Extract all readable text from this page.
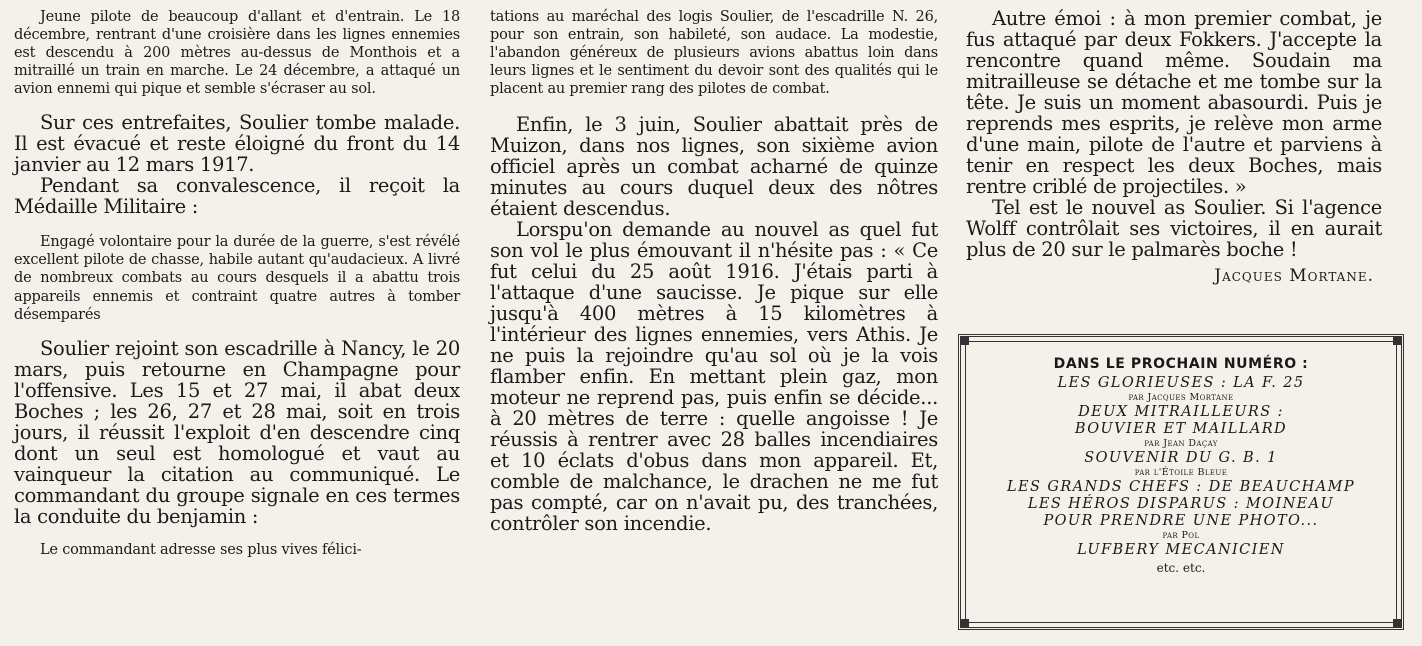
Jeune pilote de beaucoup d'allant et d'entrain. Le 18 décembre, rentrant d'une croisière dans les lignes ennemies est descendu à 200 mètres au-dessus de Monthois et a mitraillé un train en marche. Le 24 décembre, a attaqué un avion ennemi qui pique et semble s'écraser au sol.

Sur ces entrefaites, Soulier tombe malade. Il est évacué et reste éloigné du front du 14 janvier au 12 mars 1917.

Pendant sa convalescence, il reçoit la Médaille Militaire :

Engagé volontaire pour la durée de la guerre, s'est révélé excellent pilote de chasse, habile autant qu'audacieux. A livré de nombreux combats au cours desquels il a abattu trois appareils ennemis et contraint quatre autres à tomber désemparés

Soulier rejoint son escadrille à Nancy, le 20 mars, puis retourne en Champagne pour l'offensive. Les 15 et 27 mai, il abat deux Boches ; les 26, 27 et 28 mai, soit en trois jours, il réussit l'exploit d'en descendre cinq dont un seul est homologué et vaut au vainqueur la citation au communiqué. Le commandant du groupe signale en ces termes la conduite du benjamin :

Le commandant adresse ses plus vives félici-

tations au maréchal des logis Soulier, de l'escadrille N. 26, pour son entrain, son habileté, son audace. La modestie, l'abandon généreux de plusieurs avions abattus loin dans leurs lignes et le sentiment du devoir sont des qualités qui le placent au premier rang des pilotes de combat.

Enfin, le 3 juin, Soulier abattait près de Muizon, dans nos lignes, son sixième avion officiel après un combat acharné de quinze minutes au cours duquel deux des nôtres étaient descendus.

Lorspu'on demande au nouvel as quel fut son vol le plus émouvant il n'hésite pas : « Ce fut celui du 25 août 1916. J'étais parti à l'attaque d'une saucisse. Je pique sur elle jusqu'à 400 mètres à 15 kilomètres à l'intérieur des lignes ennemies, vers Athis. Je ne puis la rejoindre qu'au sol où je la vois flamber enfin. En mettant plein gaz, mon moteur ne reprend pas, puis enfin se décide... à 20 mètres de terre : quelle angoisse ! Je réussis à rentrer avec 28 balles incendiaires et 10 éclats d'obus dans mon appareil. Et, comble de malchance, le drachen ne me fut pas compté, car on n'avait pu, des tranchées, contrôler son incendie.

Autre émoi : à mon premier combat, je fus attaqué par deux Fokkers. J'accepte la rencontre quand même. Soudain ma mitrailleuse se détache et me tombe sur la tête. Je suis un moment abasourdi. Puis je reprends mes esprits, je relève mon arme d'une main, pilote de l'autre et parviens à tenir en respect les deux Boches, mais rentre criblé de projectiles. »

Tel est le nouvel as Soulier. Si l'agence Wolff contrôlait ses victoires, il en aurait plus de 20 sur le palmarès boche !

Jacques Mortane.

DANS LE PROCHAIN NUMÉRO :

LES GLORIEUSES : LA F. 25

par Jacques Mortane

DEUX MITRAILLEURS :

BOUVIER ET MAILLARD

par Jean Daçay

SOUVENIR DU G. B. 1

par l'Étoile Bleue

LES GRANDS CHEFS : DE BEAUCHAMP

LES HÉROS DISPARUS : MOINEAU

POUR PRENDRE UNE PHOTO...

par Pol

LUFBERY MECANICIEN

etc. etc.
